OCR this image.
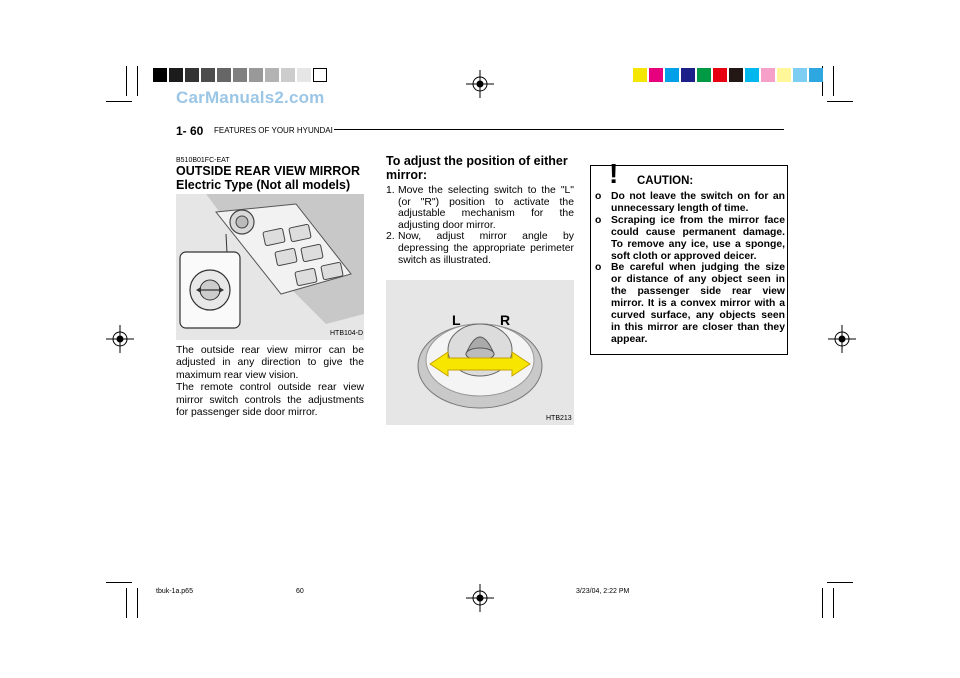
CarManuals2.com
1- 60 FEATURES OF YOUR HYUNDAI
B510B01FC-EAT
OUTSIDE REAR VIEW MIRROR
Electric Type (Not all models)
HTB104-D
The outside rear view mirror can be adjusted in any direction to give the maximum rear view vision.
The remote control outside rear view mirror switch controls the adjustments for passenger side door mirror.
To adjust the position of either mirror:
1. Move the selecting switch to the "L" (or "R") position to activate the adjustable mechanism for the adjusting door mirror.
2. Now, adjust mirror angle by depressing the appropriate perimeter switch as illustrated.
L	R
HTB213
! CAUTION:
o Do not leave the switch on for an unnecessary length of time.
o Scraping ice from the mirror face could cause permanent damage. To remove any ice, use a sponge, soft cloth or approved deicer.
o Be careful when judging the size or distance of any object seen in the passenger side rear view mirror. It is a convex mirror with a curved surface, any objects seen in this mirror are closer than they appear.
tbuk-1a.p65	60	3/23/04, 2:22 PM
